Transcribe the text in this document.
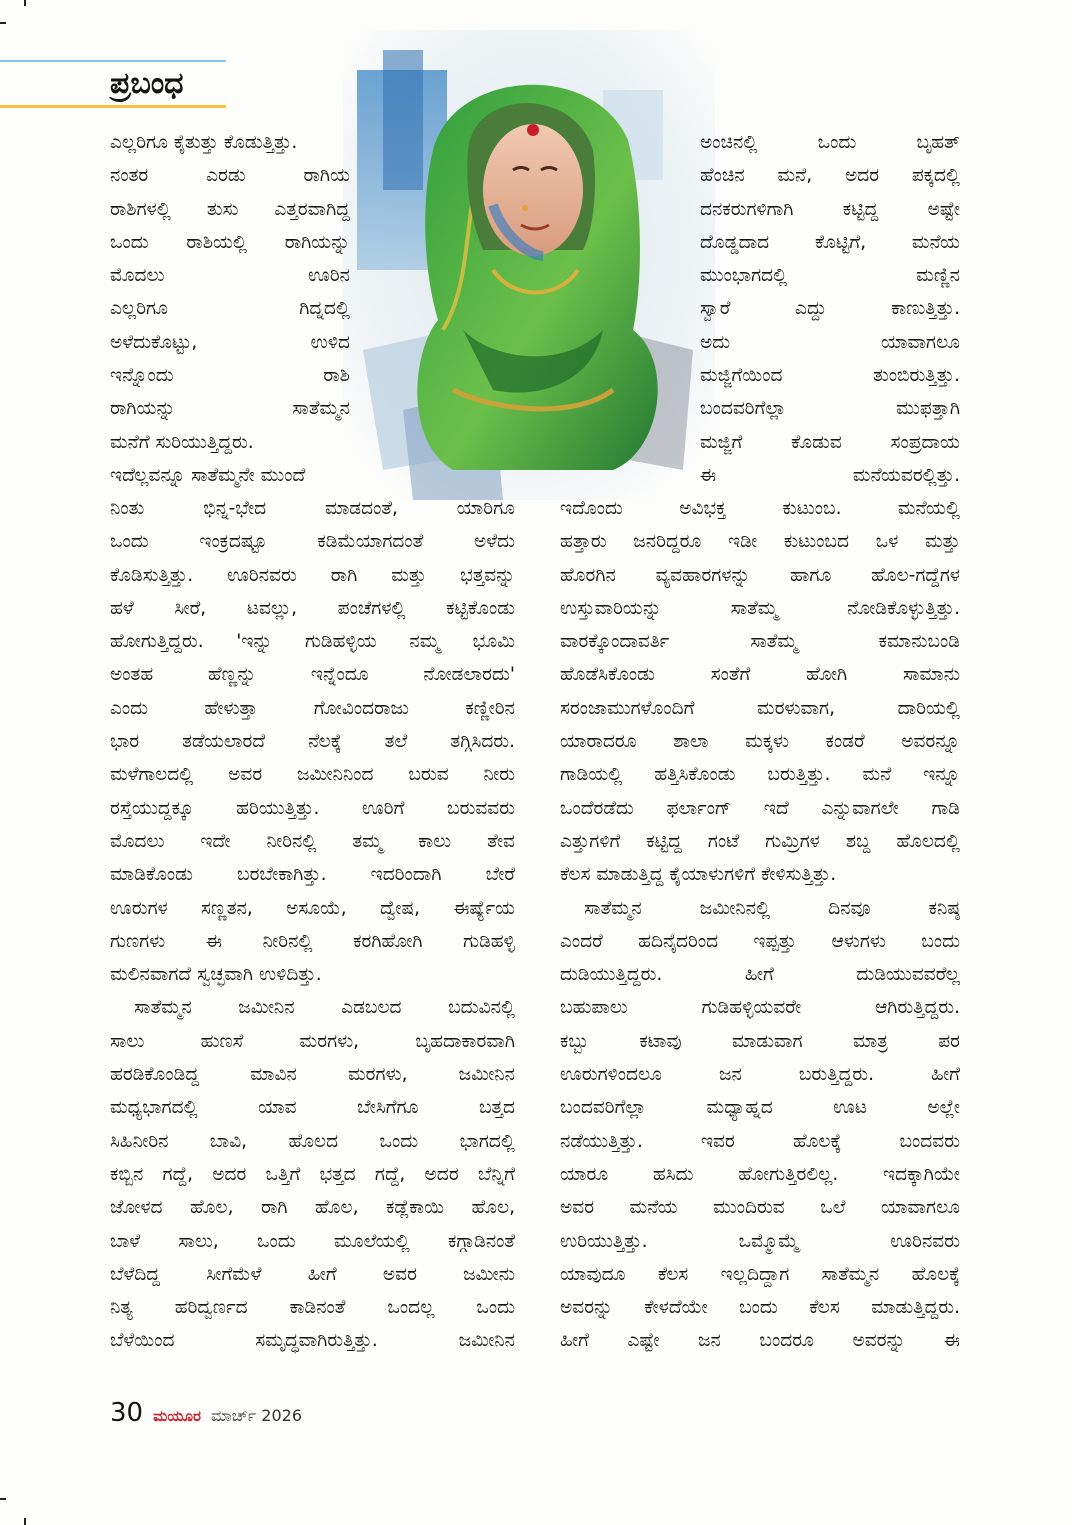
ಪ್ರಬಂಧ
ಎಲ್ಲರಿಗೂ ಕೈತುತ್ತು ಕೊಡುತ್ತಿತ್ತು.
ನಂತರ ಎರಡು ರಾಗಿಯ
ರಾಶಿಗಳಲ್ಲಿ ತುಸು ಎತ್ತರವಾಗಿದ್ದ
ಒಂದು ರಾಶಿಯಲ್ಲಿ ರಾಗಿಯನ್ನು
ಮೊದಲು ಊರಿನ
ಎಲ್ಲರಿಗೂ ಗಿದ್ನದಲ್ಲಿ
ಅಳೆದುಕೊಟ್ಟು, ಉಳಿದ
ಇನ್ನೊಂದು ರಾಶಿ
ರಾಗಿಯನ್ನು ಸಾತೆಮ್ಮನ
ಮನೆಗೆ ಸುರಿಯುತ್ತಿದ್ದರು.
ಇದೆಲ್ಲವನ್ನೂ ಸಾತೆಮ್ಮನೇ ಮುಂದೆ
ನಿಂತು ಭಿನ್ನ-ಭೇದ ಮಾಡದಂತೆ, ಯಾರಿಗೂ
ಒಂದು ಇಂಕ್ರದಷ್ಟೂ ಕಡಿಮೆಯಾಗದಂತೆ ಅಳೆದು
ಕೊಡಿಸುತ್ತಿತ್ತು. ಊರಿನವರು ರಾಗಿ ಮತ್ತು ಭತ್ತವನ್ನು
ಹಳೆ ಸೀರೆ, ಟವಲ್ಲು, ಪಂಚೆಗಳಲ್ಲಿ ಕಟ್ಟಿಕೊಂಡು
ಹೋಗುತ್ತಿದ್ದರು. 'ಇನ್ನು ಗುಡಿಹಳ್ಳಿಯ ನಮ್ಮ ಭೂಮಿ
ಅಂತಹ ಹೆಣ್ಣನ್ನು ಇನ್ನೆಂದೂ ನೋಡಲಾರದು'
ಎಂದು ಹೇಳುತ್ತಾ ಗೋವಿಂದರಾಜು ಕಣ್ಣೀರಿನ
ಭಾರ ತಡೆಯಲಾರದೆ ನೆಲಕ್ಕೆ ತಲೆ ತಗ್ಗಿಸಿದರು.
ಮಳೆಗಾಲದಲ್ಲಿ ಅವರ ಜಮೀನಿನಿಂದ ಬರುವ ನೀರು
ರಸ್ತೆಯುದ್ದಕ್ಕೂ ಹರಿಯುತ್ತಿತ್ತು. ಊರಿಗೆ ಬರುವವರು
ಮೊದಲು ಇದೇ ನೀರಿನಲ್ಲಿ ತಮ್ಮ ಕಾಲು ತೇವ
ಮಾಡಿಕೊಂಡು ಬರಬೇಕಾಗಿತ್ತು. ಇದರಿಂದಾಗಿ ಬೇರೆ
ಊರುಗಳ ಸಣ್ಣತನ, ಅಸೂಯೆ, ದ್ವೇಷ, ಈರ್ಷ್ಯೆಯ
ಗುಣಗಳು ಈ ನೀರಿನಲ್ಲಿ ಕರಗಿಹೋಗಿ ಗುಡಿಹಳ್ಳಿ
ಮಲಿನವಾಗದೆ ಸ್ವಚ್ಛವಾಗಿ ಉಳಿದಿತ್ತು.
ಸಾತೆಮ್ಮನ ಜಮೀನಿನ ಎಡಬಲದ ಬದುವಿನಲ್ಲಿ
ಸಾಲು ಹುಣಸೆ ಮರಗಳು, ಬೃಹದಾಕಾರವಾಗಿ
ಹರಡಿಕೊಂಡಿದ್ದ ಮಾವಿನ ಮರಗಳು, ಜಮೀನಿನ
ಮಧ್ಯಭಾಗದಲ್ಲಿ ಯಾವ ಬೇಸಿಗೆಗೂ ಬತ್ತದ
ಸಿಹಿನೀರಿನ ಬಾವಿ, ಹೊಲದ ಒಂದು ಭಾಗದಲ್ಲಿ
ಕಬ್ಬಿನ ಗದ್ದೆ, ಅದರ ಒತ್ತಿಗೆ ಭತ್ತದ ಗದ್ದೆ, ಅದರ ಬೆನ್ನಿಗೆ
ಜೋಳದ ಹೊಲ, ರಾಗಿ ಹೊಲ, ಕಡ್ಲೆಕಾಯಿ ಹೊಲ,
ಬಾಳೆ ಸಾಲು, ಒಂದು ಮೂಲೆಯಲ್ಲಿ ಕಗ್ಗಾಡಿನಂತೆ
ಬೆಳೆದಿದ್ದ ಸೀಗೆಮೆಳೆ ಹೀಗೆ ಅವರ ಜಮೀನು
ನಿತ್ಯ ಹರಿದ್ವರ್ಣದ ಕಾಡಿನಂತೆ ಒಂದಲ್ಲ ಒಂದು
ಬೆಳೆಯಿಂದ ಸಮೃದ್ಧವಾಗಿರುತ್ತಿತ್ತು. ಜಮೀನಿನ
ಅಂಚಿನಲ್ಲಿ ಒಂದು ಬೃಹತ್
ಹೆಂಚಿನ ಮನೆ, ಅದರ ಪಕ್ಕದಲ್ಲಿ
ದನಕರುಗಳಿಗಾಗಿ ಕಟ್ಟಿದ್ದ ಅಷ್ಟೇ
ದೊಡ್ಡದಾದ ಕೊಟ್ಟಿಗೆ, ಮನೆಯ
ಮುಂಭಾಗದಲ್ಲಿ ಮಣ್ಣಿನ
ಸ್ವಾರೆ ಎದ್ದು ಕಾಣುತ್ತಿತ್ತು.
ಅದು ಯಾವಾಗಲೂ
ಮಜ್ಜಿಗೆಯಿಂದ ತುಂಬಿರುತ್ತಿತ್ತು.
ಬಂದವರಿಗೆಲ್ಲಾ ಮುಫತ್ತಾಗಿ
ಮಜ್ಜಿಗೆ ಕೊಡುವ ಸಂಪ್ರದಾಯ
ಈ ಮನೆಯವರಲ್ಲಿತ್ತು.
ಇದೊಂದು ಅವಿಭಕ್ತ ಕುಟುಂಬ. ಮನೆಯಲ್ಲಿ
ಹತ್ತಾರು ಜನರಿದ್ದರೂ ಇಡೀ ಕುಟುಂಬದ ಒಳ ಮತ್ತು
ಹೊರಗಿನ ವ್ಯವಹಾರಗಳನ್ನು ಹಾಗೂ ಹೊಲ-ಗದ್ದೆಗಳ
ಉಸ್ತುವಾರಿಯನ್ನು ಸಾತೆಮ್ಮ ನೋಡಿಕೊಳ್ಳುತ್ತಿತ್ತು.
ವಾರಕ್ಕೊಂದಾವರ್ತಿ ಸಾತೆಮ್ಮ ಕಮಾನುಬಂಡಿ
ಹೊಡೆಸಿಕೊಂಡು ಸಂತೆಗೆ ಹೋಗಿ ಸಾಮಾನು
ಸರಂಜಾಮುಗಳೊಂದಿಗೆ ಮರಳುವಾಗ, ದಾರಿಯಲ್ಲಿ
ಯಾರಾದರೂ ಶಾಲಾ ಮಕ್ಕಳು ಕಂಡರೆ ಅವರನ್ನೂ
ಗಾಡಿಯಲ್ಲಿ ಹತ್ತಿಸಿಕೊಂಡು ಬರುತ್ತಿತ್ತು. ಮನೆ ಇನ್ನೂ
ಒಂದೆರಡೆದು ಫರ್ಲಾಂಗ್ ಇದೆ ಎನ್ನುವಾಗಲೇ ಗಾಡಿ
ಎತ್ತುಗಳಿಗೆ ಕಟ್ಟಿದ್ದ ಗಂಟೆ ಗುಮ್ರಿಗಳ ಶಬ್ದ ಹೊಲದಲ್ಲಿ
ಕೆಲಸ ಮಾಡುತ್ತಿದ್ದ ಕೈಯಾಳುಗಳಿಗೆ ಕೇಳಿಸುತ್ತಿತ್ತು.
ಸಾತೆಮ್ಮನ ಜಮೀನಿನಲ್ಲಿ ದಿನವೂ ಕನಿಷ್ಠ
ಎಂದರೆ ಹದಿನೈದರಿಂದ ಇಪ್ಪತ್ತು ಆಳುಗಳು ಬಂದು
ದುಡಿಯುತ್ತಿದ್ದರು. ಹೀಗೆ ದುಡಿಯುವವರೆಲ್ಲ
ಬಹುಪಾಲು ಗುಡಿಹಳ್ಳಿಯವರೇ ಆಗಿರುತ್ತಿದ್ದರು.
ಕಬ್ಬು ಕಟಾವು ಮಾಡುವಾಗ ಮಾತ್ರ ಪರ
ಊರುಗಳಿಂದಲೂ ಜನ ಬರುತ್ತಿದ್ದರು. ಹೀಗೆ
ಬಂದವರಿಗೆಲ್ಲಾ ಮಧ್ಯಾಹ್ನದ ಊಟ ಅಲ್ಲೇ
ನಡೆಯುತ್ತಿತ್ತು. ಇವರ ಹೊಲಕ್ಕೆ ಬಂದವರು
ಯಾರೂ ಹಸಿದು ಹೋಗುತ್ತಿರಲಿಲ್ಲ. ಇದಕ್ಕಾಗಿಯೇ
ಅವರ ಮನೆಯ ಮುಂದಿರುವ ಒಲೆ ಯಾವಾಗಲೂ
ಉರಿಯುತ್ತಿತ್ತು. ಒಮ್ಮೊಮ್ಮೆ ಊರಿನವರು
ಯಾವುದೂ ಕೆಲಸ ಇಲ್ಲದಿದ್ದಾಗ ಸಾತೆಮ್ಮನ ಹೊಲಕ್ಕೆ
ಅವರನ್ನು ಕೇಳದೆಯೇ ಬಂದು ಕೆಲಸ ಮಾಡುತ್ತಿದ್ದರು.
ಹೀಗೆ ಎಷ್ಟೇ ಜನ ಬಂದರೂ ಅವರನ್ನು ಈ
30 ಮಯೂರ ಮಾರ್ಚ್ 2026
